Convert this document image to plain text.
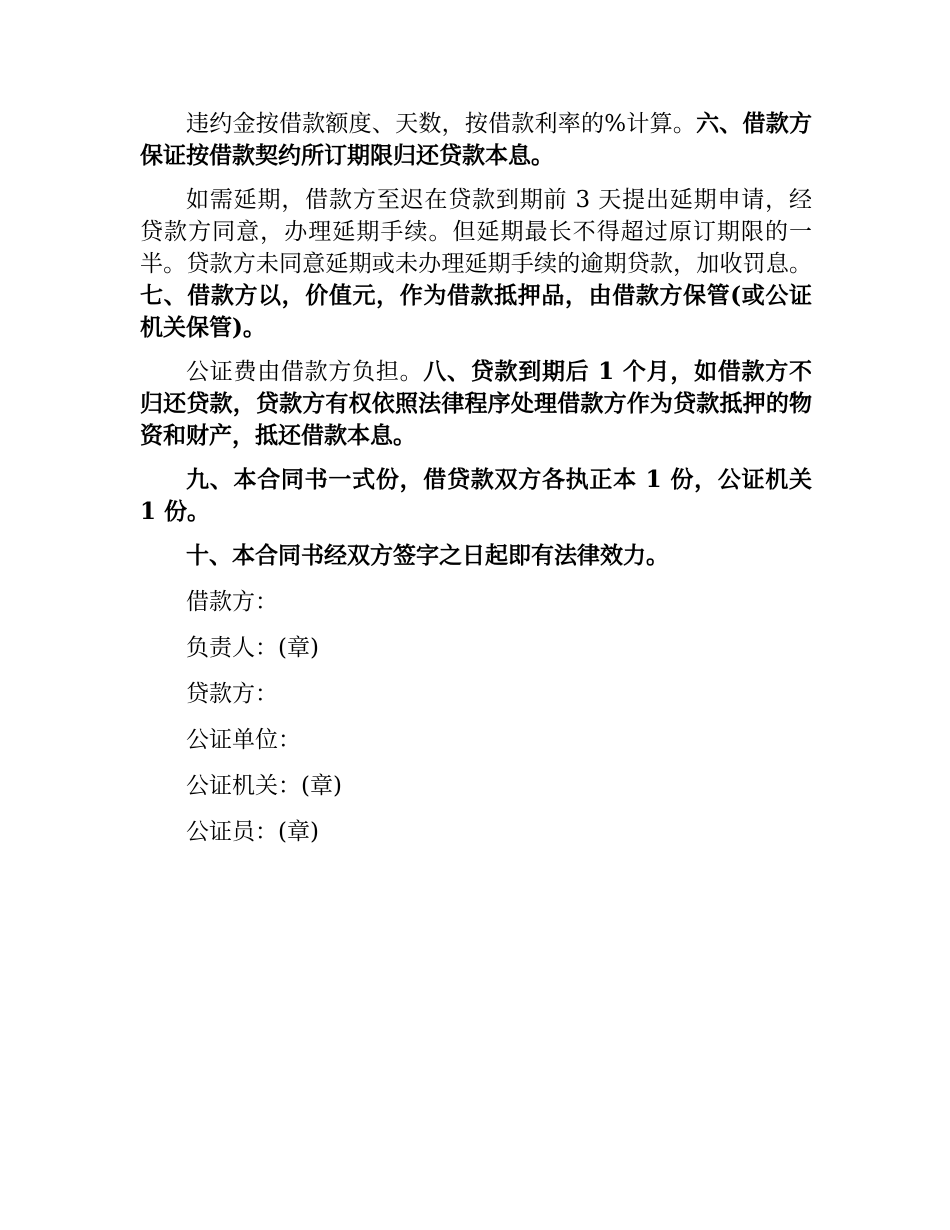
违约金按借款额度、天数，按借款利率的%计算。六、借款方保证按借款契约所订期限归还贷款本息。

如需延期，借款方至迟在贷款到期前 3 天提出延期申请，经贷款方同意，办理延期手续。但延期最长不得超过原订期限的一半。贷款方未同意延期或未办理延期手续的逾期贷款，加收罚息。七、借款方以，价值元，作为借款抵押品，由借款方保管(或公证机关保管)。

公证费由借款方负担。八、贷款到期后 1 个月，如借款方不归还贷款，贷款方有权依照法律程序处理借款方作为贷款抵押的物资和财产，抵还借款本息。

九、本合同书一式份，借贷款双方各执正本 1 份，公证机关 1 份。

十、本合同书经双方签字之日起即有法律效力。

借款方：
负责人：(章)
贷款方：
公证单位：
公证机关：(章)
公证员：(章)
